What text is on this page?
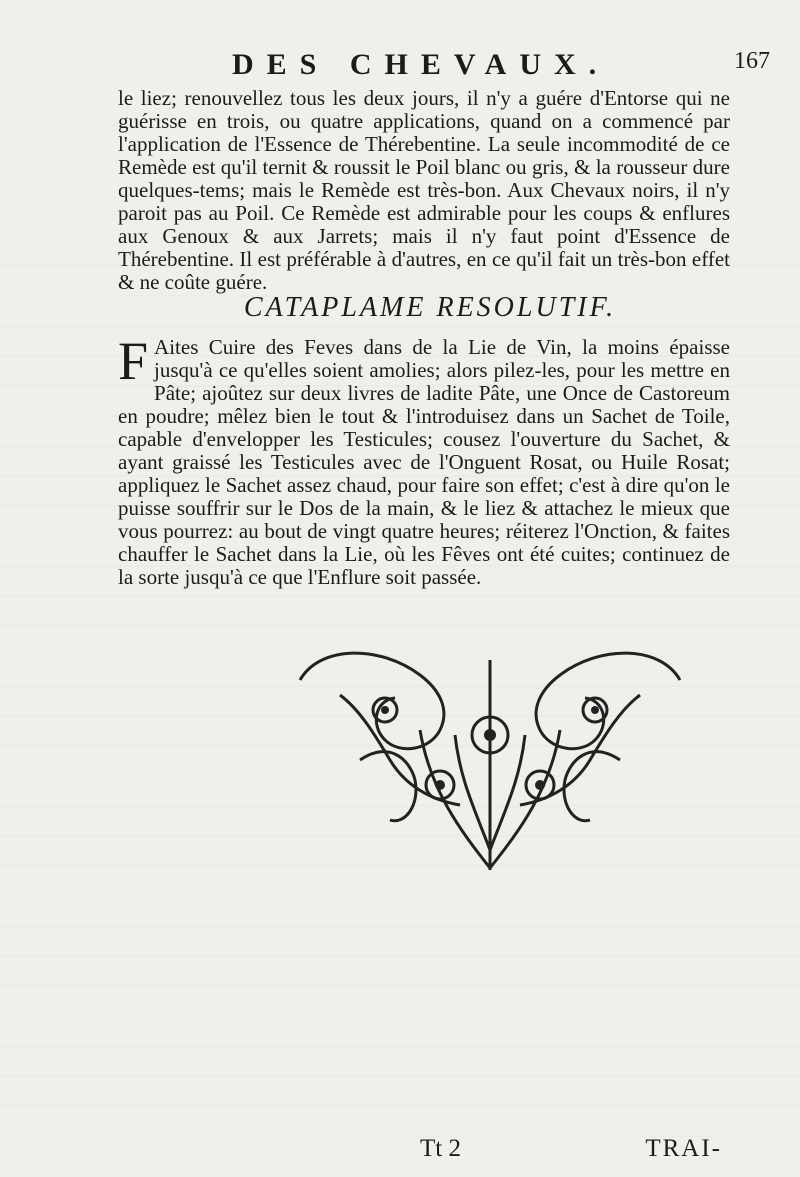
DES CHEVAUX.	167
le liez; renouvellez tous les deux jours, il n'y a guére d'Entorse qui ne guérisse en trois, ou quatre applications, quand on a commencé par l'application de l'Essence de Thérebentine. La seule incommodité de ce Remède est qu'il ternit & roussit le Poil blanc ou gris, & la rousseur dure quelques-tems; mais le Remède est très-bon. Aux Chevaux noirs, il n'y paroit pas au Poil. Ce Remède est admirable pour les coups & enflures aux Genoux & aux Jarrets; mais il n'y faut point d'Essence de Thérebentine. Il est préférable à d'autres, en ce qu'il fait un très-bon effet & ne coûte guére.
CATAPLAME RESOLUTIF.
F Aites Cuire des Feves dans de la Lie de Vin, la moins épaisse jusqu'à ce qu'elles soient amolies; alors pilez-les, pour les mettre en Pâte; ajoûtez sur deux livres de ladite Pâte, une Once de Castoreum en poudre; mêlez bien le tout & l'introduisez dans un Sachet de Toile, capable d'envelopper les Testicules; cousez l'ouverture du Sachet, & ayant graissé les Testicules avec de l'Onguent Rosat, ou Huile Rosat; appliquez le Sachet assez chaud, pour faire son effet; c'est à dire qu'on le puisse souffrir sur le Dos de la main, & le liez & attachez le mieux que vous pourrez: au bout de vingt quatre heures; réiterez l'Onction, & faites chauffer le Sachet dans la Lie, où les Fêves ont été cuites; continuez de la sorte jusqu'à ce que l'Enflure soit passée.
Tt 2	TRAI-
